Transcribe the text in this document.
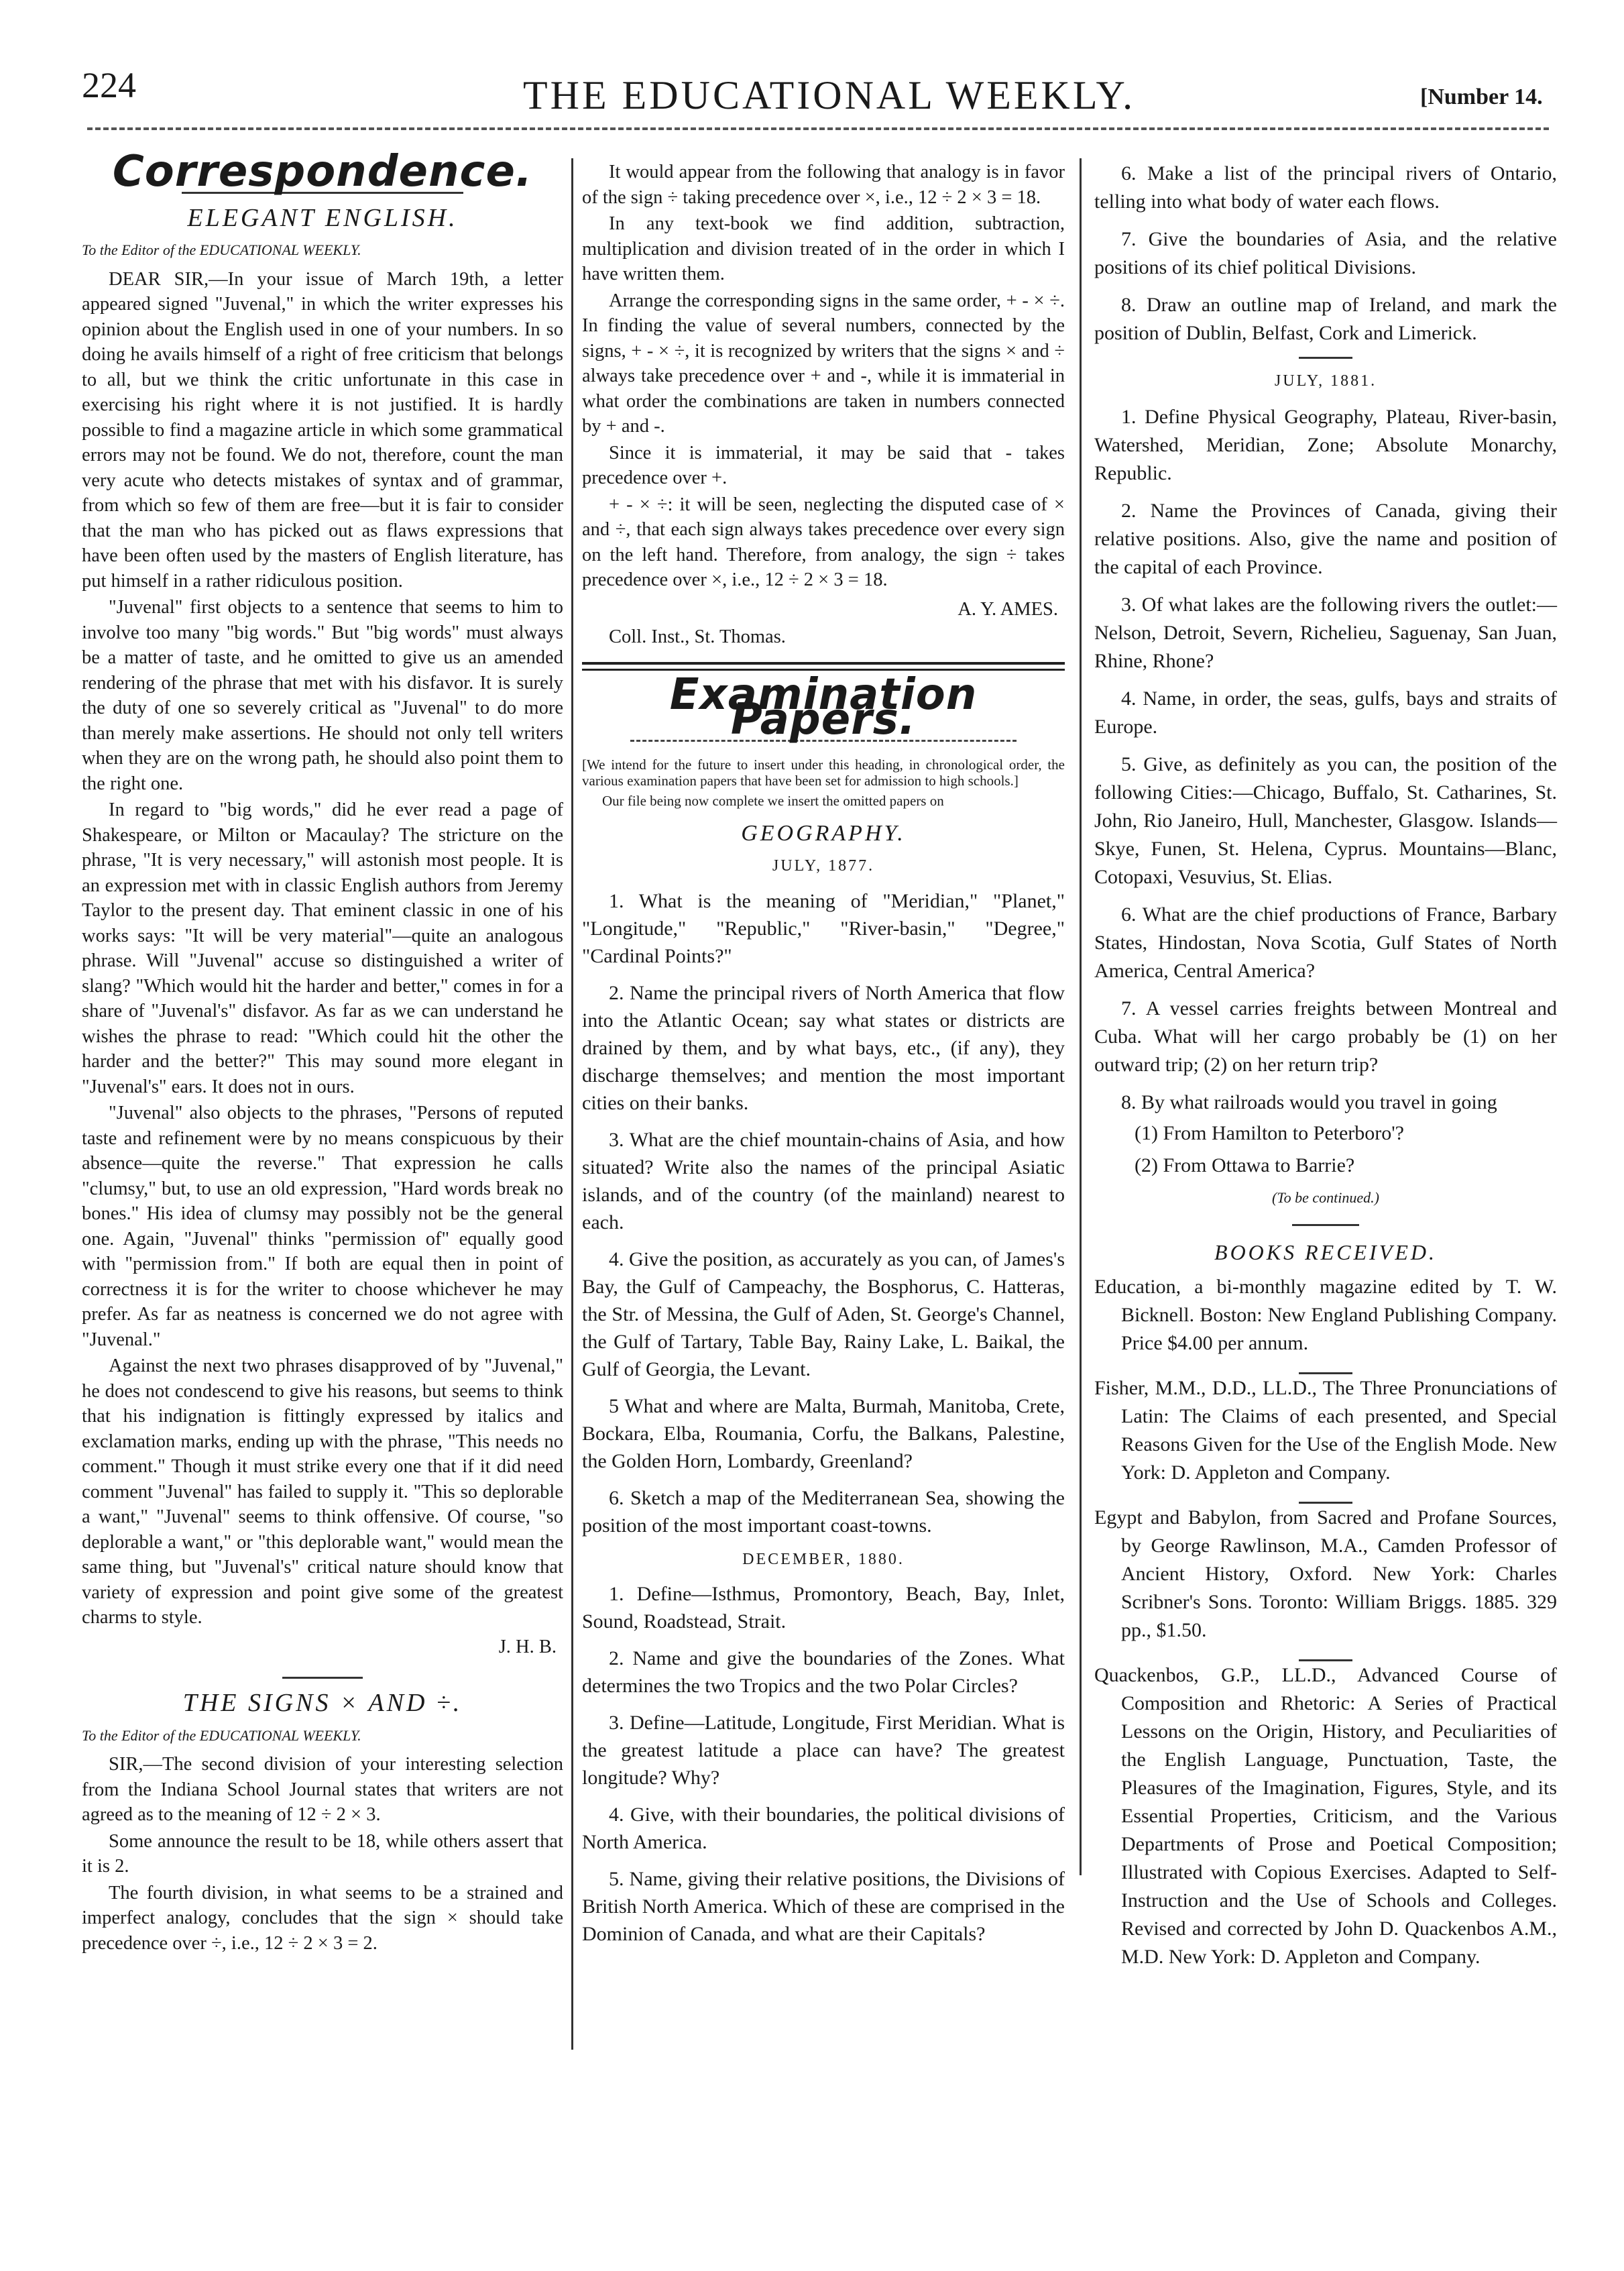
224	THE EDUCATIONAL WEEKLY.	[Number 14.
Correspondence.
ELEGANT ENGLISH.

To the Editor of the EDUCATIONAL WEEKLY.

DEAR SIR,—In your issue of March 19th, a letter appeared signed "Juvenal," in which the writer expresses his opinion about the English used in one of your numbers. In so doing he avails himself of a right of free criticism that belongs to all, but we think the critic unfortunate in this case in exercising his right where it is not justified. It is hardly possible to find a magazine article in which some grammatical errors may not be found. We do not, therefore, count the man very acute who detects mistakes of syntax and of grammar, from which so few of them are free—but it is fair to consider that the man who has picked out as flaws expressions that have been often used by the masters of English literature, has put himself in a rather ridiculous position.

"Juvenal" first objects to a sentence that seems to him to involve too many "big words." But "big words" must always be a matter of taste, and he omitted to give us an amended rendering of the phrase that met with his disfavor. It is surely the duty of one so severely critical as "Juvenal" to do more than merely make assertions. He should not only tell writers when they are on the wrong path, he should also point them to the right one.

In regard to "big words," did he ever read a page of Shakespeare, or Milton or Macaulay? The stricture on the phrase, "It is very necessary," will astonish most people. It is an expression met with in classic English authors from Jeremy Taylor to the present day. That eminent classic in one of his works says: "It will be very material"—quite an analogous phrase. Will "Juvenal" accuse so distinguished a writer of slang? "Which would hit the harder and better," comes in for a share of "Juvenal's" disfavor. As far as we can understand he wishes the phrase to read: "Which could hit the other the harder and the better?" This may sound more elegant in "Juvenal's" ears. It does not in ours.

"Juvenal" also objects to the phrases, "Persons of reputed taste and refinement were by no means conspicuous by their absence—quite the reverse." That expression he calls "clumsy," but, to use an old expression, "Hard words break no bones." His idea of clumsy may possibly not be the general one. Again, "Juvenal" thinks "permission of" equally good with "permission from." If both are equal then in point of correctness it is for the writer to choose whichever he may prefer. As far as neatness is concerned we do not agree with "Juvenal."

Against the next two phrases disapproved of by "Juvenal," he does not condescend to give his reasons, but seems to think that his indignation is fittingly expressed by italics and exclamation marks, ending up with the phrase, "This needs no comment." Though it must strike every one that if it did need comment "Juvenal" has failed to supply it. "This so deplorable a want," "Juvenal" seems to think offensive. Of course, "so deplorable a want," or "this deplorable want," would mean the same thing, but "Juvenal's" critical nature should know that variety of expression and point give some of the greatest charms to style.

J. H. B.

THE SIGNS × AND ÷.

To the Editor of the EDUCATIONAL WEEKLY.

SIR,—The second division of your interesting selection from the Indiana School Journal states that writers are not agreed as to the meaning of 12 ÷ 2 × 3.

Some announce the result to be 18, while others assert that it is 2.

The fourth division, in what seems to be a strained and imperfect analogy, concludes that the sign × should take precedence over ÷, i.e., 12 ÷ 2 × 3 = 2.

It would appear from the following that analogy is in favor of the sign ÷ taking precedence over ×, i.e., 12 ÷ 2 × 3 = 18.

In any text-book we find addition, subtraction, multiplication and division treated of in the order in which I have written them.

Arrange the corresponding signs in the same order, + - × ÷. In finding the value of several numbers, connected by the signs, + - × ÷, it is recognized by writers that the signs × and ÷ always take precedence over + and -, while it is immaterial in what order the combinations are taken in numbers connected by + and -.

Since it is immaterial, it may be said that - takes precedence over +.

+ - × ÷: it will be seen, neglecting the disputed case of × and ÷, that each sign always takes precedence over every sign on the left hand. Therefore, from analogy, the sign ÷ takes precedence over ×, i.e., 12 ÷ 2 × 3 = 18.

A. Y. AMES.

Coll. Inst., St. Thomas.

Examination Papers.

[We intend for the future to insert under this heading, in chronological order, the various examination papers that have been set for admission to high schools.]

Our file being now complete we insert the omitted papers on

GEOGRAPHY.
JULY, 1877.

1. What is the meaning of "Meridian," "Planet," "Longitude," "Republic," "River-basin," "Degree," "Cardinal Points?"

2. Name the principal rivers of North America that flow into the Atlantic Ocean; say what states or districts are drained by them, and by what bays, etc., (if any), they discharge themselves; and mention the most important cities on their banks.

3. What are the chief mountain-chains of Asia, and how situated? Write also the names of the principal Asiatic islands, and of the country (of the mainland) nearest to each.

4. Give the position, as accurately as you can, of James's Bay, the Gulf of Campeachy, the Bosphorus, C. Hatteras, the Str. of Messina, the Gulf of Aden, St. George's Channel, the Gulf of Tartary, Table Bay, Rainy Lake, L. Baikal, the Gulf of Georgia, the Levant.

5 What and where are Malta, Burmah, Manitoba, Crete, Bockara, Elba, Roumania, Corfu, the Balkans, Palestine, the Golden Horn, Lombardy, Greenland?

6. Sketch a map of the Mediterranean Sea, showing the position of the most important coast-towns.

DECEMBER, 1880.

1. Define—Isthmus, Promontory, Beach, Bay, Inlet, Sound, Roadstead, Strait.

2. Name and give the boundaries of the Zones. What determines the two Tropics and the two Polar Circles?

3. Define—Latitude, Longitude, First Meridian. What is the greatest latitude a place can have? The greatest longitude? Why?

4. Give, with their boundaries, the political divisions of North America.

5. Name, giving their relative positions, the Divisions of British North America. Which of these are comprised in the Dominion of Canada, and what are their Capitals?

6. Make a list of the principal rivers of Ontario, telling into what body of water each flows.

7. Give the boundaries of Asia, and the relative positions of its chief political Divisions.

8. Draw an outline map of Ireland, and mark the position of Dublin, Belfast, Cork and Limerick.

JULY, 1881.

1. Define Physical Geography, Plateau, River-basin, Watershed, Meridian, Zone; Absolute Monarchy, Republic.

2. Name the Provinces of Canada, giving their relative positions. Also, give the name and position of the capital of each Province.

3. Of what lakes are the following rivers the outlet:—Nelson, Detroit, Severn, Richelieu, Saguenay, San Juan, Rhine, Rhone?

4. Name, in order, the seas, gulfs, bays and straits of Europe.

5. Give, as definitely as you can, the position of the following Cities:—Chicago, Buffalo, St. Catharines, St. John, Rio Janeiro, Hull, Manchester, Glasgow. Islands—Skye, Funen, St. Helena, Cyprus. Mountains—Blanc, Cotopaxi, Vesuvius, St. Elias.

6. What are the chief productions of France, Barbary States, Hindostan, Nova Scotia, Gulf States of North America, Central America?

7. A vessel carries freights between Montreal and Cuba. What will her cargo probably be (1) on her outward trip; (2) on her return trip?

8. By what railroads would you travel in going

(1) From Hamilton to Peterboro'?

(2) From Ottawa to Barrie?

(To be continued.)

BOOKS RECEIVED.

Education, a bi-monthly magazine edited by T. W. Bicknell. Boston: New England Publishing Company. Price $4.00 per annum.

Fisher, M.M., D.D., LL.D., The Three Pronunciations of Latin: The Claims of each presented, and Special Reasons Given for the Use of the English Mode. New York: D. Appleton and Company.

Egypt and Babylon, from Sacred and Profane Sources, by George Rawlinson, M.A., Camden Professor of Ancient History, Oxford. New York: Charles Scribner's Sons. Toronto: William Briggs. 1885. 329 pp., $1.50.

Quackenbos, G.P., LL.D., Advanced Course of Composition and Rhetoric: A Series of Practical Lessons on the Origin, History, and Peculiarities of the English Language, Punctuation, Taste, the Pleasures of the Imagination, Figures, Style, and its Essential Properties, Criticism, and the Various Departments of Prose and Poetical Composition; Illustrated with Copious Exercises. Adapted to Self-Instruction and the Use of Schools and Colleges. Revised and corrected by John D. Quackenbos A.M., M.D. New York: D. Appleton and Company.
